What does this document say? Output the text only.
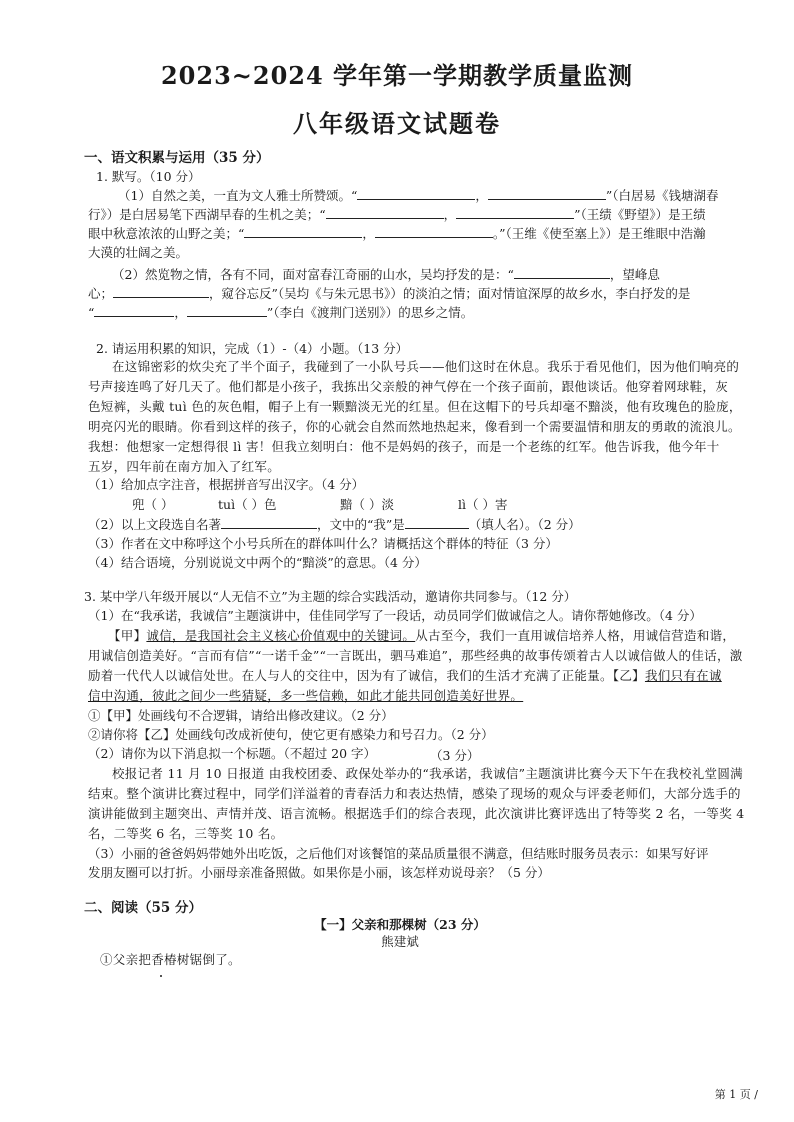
2023~2024 学年第一学期教学质量监测
八年级语文试题卷
一、语文积累与运用（35 分）
1. 默写。（10 分）
（1）自然之美，一直为文人雅士所赞颂。“	，	”（白居易《钱塘湖春
行》）是白居易笔下西湖早春的生机之美；“	，	”（王绩《野望》）是王绩
眼中秋意浓浓的山野之美；“	，	。”（王维《使至塞上》）是王维眼中浩瀚
大漠的壮阔之美。
（2）然览物之情，各有不同，面对富春江奇丽的山水，吴均抒发的是：“	，望峰息
心；	，窥谷忘反”（吴均《与朱元思书》）的淡泊之情；面对情谊深厚的故乡水，李白抒发的是
“	，	”（李白《渡荆门送别》）的思乡之情。
2. 请运用积累的知识，完成（1）-（4）小题。（13 分）
在这锦密彩的炊尖充了半个面子，我碰到了一小队号兵——他们这时在休息。我乐于看见他们，因为他们响亮的
号声接连鸣了好几天了。他们都是小孩子，我拣出父亲般的神气停在一个孩子面前，跟他谈话。他穿着网球鞋，灰
色短裤，头戴 tuì 色的灰色帽，帽子上有一颗黯淡无光的红星。但在这帽下的号兵却毫不黯淡，他有玫瑰色的脸庞，
明亮闪光的眼睛。你看到这样的孩子，你的心就会自然而然地热起来，像看到一个需要温情和朋友的勇敢的流浪儿。
我想：他想家一定想得很 lì 害！但我立刻明白：他不是妈妈的孩子，而是一个老练的红军。他告诉我，他今年十
五岁，四年前在南方加入了红军。
（1）给加点字注音，根据拼音写出汉字。（4 分）
兜（ ）	tuì（ ）色	黯（ ）淡	lì（ ）害
（2）以上文段选自名著	，文中的“我”是	（填人名）。（2 分）
（3）作者在文中称呼这个小号兵所在的群体叫什么？请概括这个群体的特征（3 分）
（4）结合语境，分别说说文中两个的“黯淡”的意思。（4 分）
3. 某中学八年级开展以“人无信不立”为主题的综合实践活动，邀请你共同参与。（12 分）
（1）在“我承诺，我诚信”主题演讲中，佳佳同学写了一段话，动员同学们做诚信之人。请你帮她修改。（4 分）
【甲】诚信，是我国社会主义核心价值观中的关键词。从古至今，我们一直用诚信培养人格，用诚信营造和谐，
用诚信创造美好。“言而有信”“一诺千金”“一言既出，驷马难追”，那些经典的故事传颂着古人以诚信做人的佳话，激
励着一代代人以诚信处世。在人与人的交往中，因为有了诚信，我们的生活才充满了正能量。【乙】我们只有在诚
信中沟通，彼此之间少一些猜疑，多一些信赖，如此才能共同创造美好世界。
①【甲】处画线句不合逻辑，请给出修改建议。（2 分）
②请你将【乙】处画线句改成祈使句，使它更有感染力和号召力。（2 分）
（2）请你为以下消息拟一个标题。（不超过 20 字）	（3 分）
校报记者 11 月 10 日报道 由我校团委、政保处举办的“我承诺，我诚信”主题演讲比赛今天下午在我校礼堂圆满
结束。整个演讲比赛过程中，同学们洋溢着的青春活力和表达热情，感染了现场的观众与评委老师们，大部分选手的
演讲能做到主题突出、声情并茂、语言流畅。根据选手们的综合表现，此次演讲比赛评选出了特等奖 2 名，一等奖 4
名，二等奖 6 名，三等奖 10 名。
（3）小丽的爸爸妈妈带她外出吃饭，之后他们对该餐馆的菜品质量很不满意，但结账时服务员表示：如果写好评
发朋友圈可以打折。小丽母亲准备照做。如果你是小丽，该怎样劝说母亲？（5 分）
二、阅读（55 分）
【一】父亲和那棵树（23 分）
熊建斌
①父亲把香椿树锯倒了。
第 1 页 /
